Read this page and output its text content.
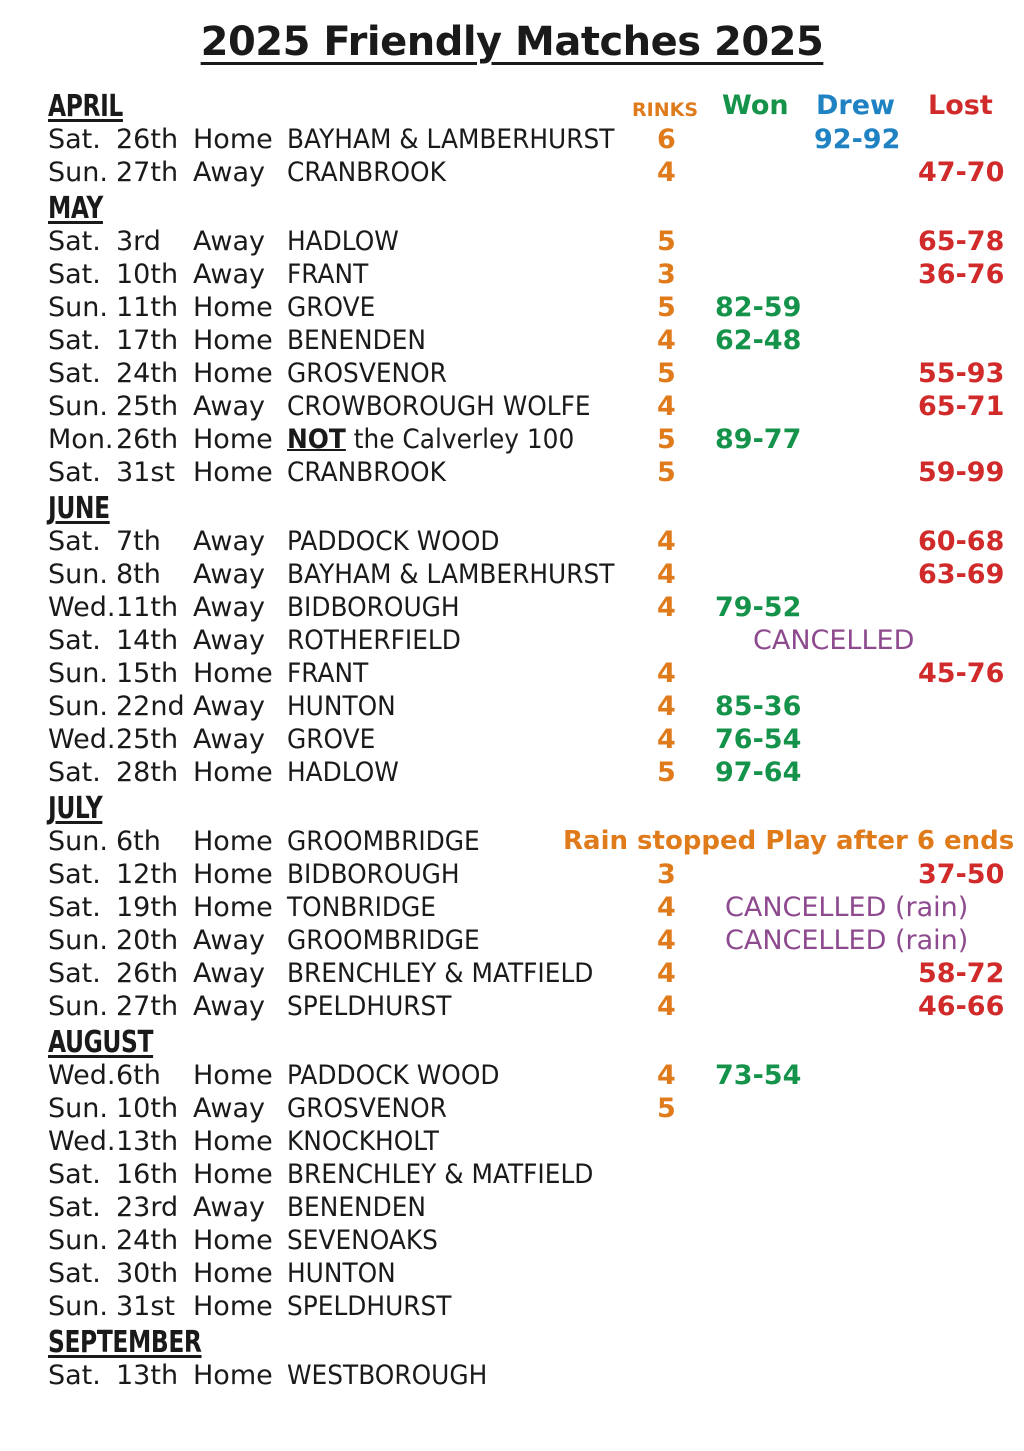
2025 Friendly Matches 2025
RINKS Won Drew Lost
APRIL
Sat. 26th Home BAYHAM & LAMBERHURST	6	92-92
Sun. 27th Away CRANBROOK	4	47-70
MAY
Sat. 3rd Away HADLOW	5	65-78
Sat. 10th Away FRANT	3	36-76
Sun. 11th Home GROVE	5 82-59
Sat. 17th Home BENENDEN	4 62-48
Sat. 24th Home GROSVENOR	5	55-93
Sun. 25th Away CROWBOROUGH WOLFE	4	65-71
Mon. 26th Home NOT the Calverley 100	5 89-77
Sat. 31st Home CRANBROOK	5	59-99
JUNE
Sat. 7th Away PADDOCK WOOD	4	60-68
Sun. 8th Away BAYHAM & LAMBERHURST	4	63-69
Wed. 11th Away BIDBOROUGH	4 79-52
Sat. 14th Away ROTHERFIELD	CANCELLED
Sun. 15th Home FRANT	4	45-76
Sun. 22nd Away HUNTON	4 85-36
Wed. 25th Away GROVE	4 76-54
Sat. 28th Home HADLOW	5 97-64
JULY
Sun. 6th Home GROOMBRIDGE	Rain stopped Play after 6 ends
Sat. 12th Home BIDBOROUGH	3	37-50
Sat. 19th Home TONBRIDGE	4 CANCELLED (rain)
Sun. 20th Away GROOMBRIDGE	4 CANCELLED (rain)
Sat. 26th Away BRENCHLEY & MATFIELD	4	58-72
Sun. 27th Away SPELDHURST	4	46-66
AUGUST
Wed. 6th Home PADDOCK WOOD	4 73-54
Sun. 10th Away GROSVENOR	5
Wed. 13th Home KNOCKHOLT
Sat. 16th Home BRENCHLEY & MATFIELD
Sat. 23rd Away BENENDEN
Sun. 24th Home SEVENOAKS
Sat. 30th Home HUNTON
Sun. 31st Home SPELDHURST
SEPTEMBER
Sat. 13th Home WESTBOROUGH
